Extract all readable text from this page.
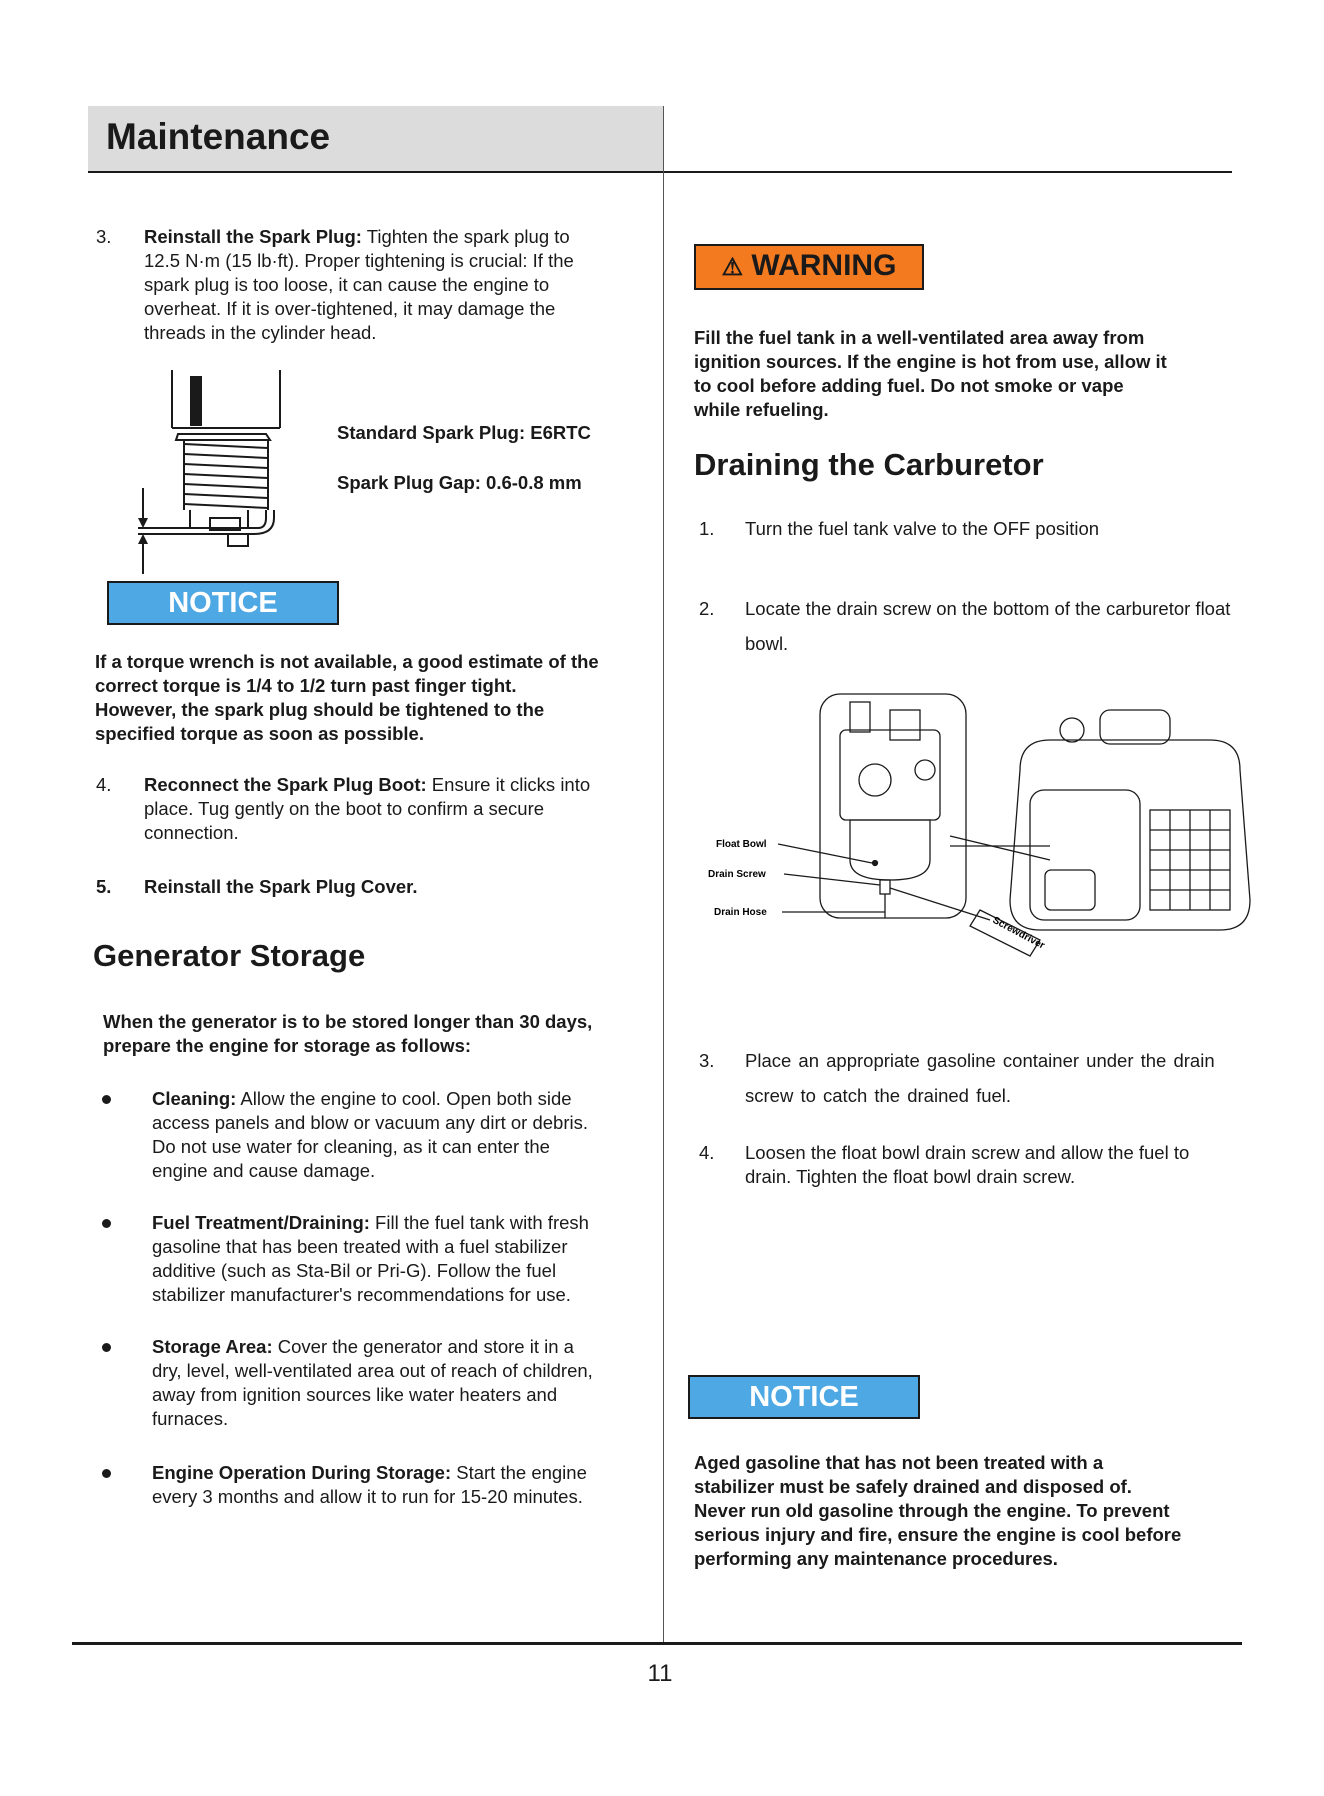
Maintenance
3. Reinstall the Spark Plug: Tighten the spark plug to
12.5 N·m (15 lb·ft). Proper tightening is crucial: If the
spark plug is too loose, it can cause the engine to
overheat. If it is over-tightened, it may damage the
threads in the cylinder head.
Standard Spark Plug: E6RTC
Spark Plug Gap: 0.6-0.8 mm
NOTICE
If a torque wrench is not available, a good estimate of the
correct torque is 1/4 to 1/2 turn past finger tight.
However, the spark plug should be tightened to the
specified torque as soon as possible.
4. Reconnect the Spark Plug Boot: Ensure it clicks into
place. Tug gently on the boot to confirm a secure
connection.
5. Reinstall the Spark Plug Cover.
Generator Storage
When the generator is to be stored longer than 30 days,
prepare the engine for storage as follows:
Cleaning: Allow the engine to cool. Open both side
access panels and blow or vacuum any dirt or debris.
Do not use water for cleaning, as it can enter the
engine and cause damage.
Fuel Treatment/Draining: Fill the fuel tank with fresh
gasoline that has been treated with a fuel stabilizer
additive (such as Sta-Bil or Pri-G). Follow the fuel
stabilizer manufacturer's recommendations for use.
Storage Area: Cover the generator and store it in a
dry, level, well-ventilated area out of reach of children,
away from ignition sources like water heaters and
furnaces.
Engine Operation During Storage: Start the engine
every 3 months and allow it to run for 15-20 minutes.
⚠ WARNING
Fill the fuel tank in a well-ventilated area away from
ignition sources. If the engine is hot from use, allow it
to cool before adding fuel. Do not smoke or vape
while refueling.
Draining the Carburetor
1. Turn the fuel tank valve to the OFF position
2. Locate the drain screw on the bottom of the carburetor float
bowl.
Float Bowl
Drain Screw
Drain Hose
Screwdriver
3. Place an appropriate gasoline container under the drain
screw to catch the drained fuel.
4. Loosen the float bowl drain screw and allow the fuel to
drain. Tighten the float bowl drain screw.
NOTICE
Aged gasoline that has not been treated with a
stabilizer must be safely drained and disposed of.
Never run old gasoline through the engine. To prevent
serious injury and fire, ensure the engine is cool before
performing any maintenance procedures.
11
